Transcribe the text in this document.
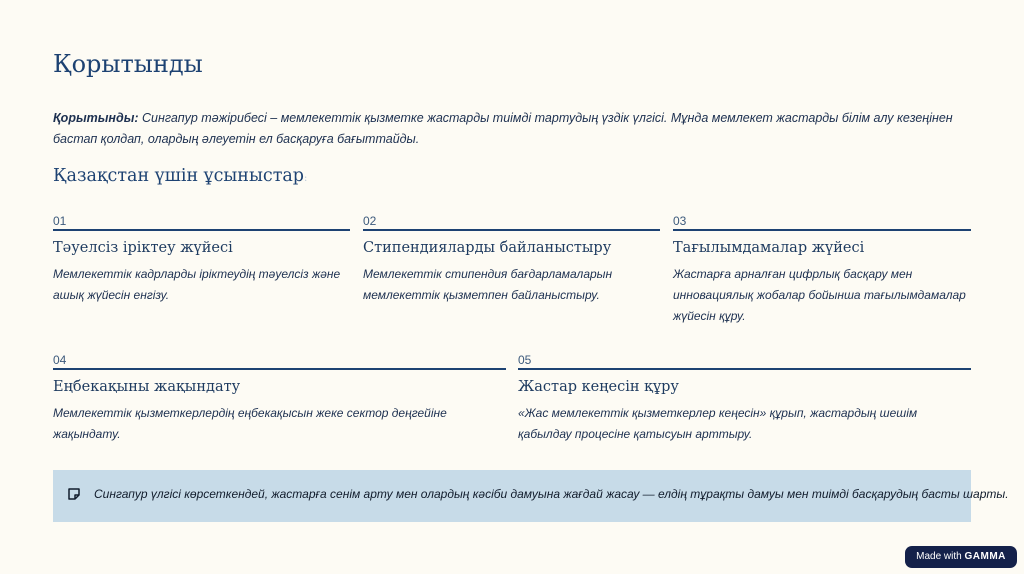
Қорытынды
Қорытынды: Сингапур тәжірибесі – мемлекеттік қызметке жастарды тиімді тартудың үздік үлгісі. Мұнда мемлекет жастарды білім алу кезеңінен бастап қолдап, олардың әлеуетін ел басқаруға бағыттайды.
Қазақстан үшін ұсыныстар:
01
Тәуелсіз іріктеу жүйесі
Мемлекеттік кадрларды іріктеудің тәуелсіз және ашық жүйесін енгізу.
02
Стипендияларды байланыстыру
Мемлекеттік стипендия бағдарламаларын мемлекеттік қызметпен байланыстыру.
03
Тағылымдамалар жүйесі
Жастарға арналған цифрлық басқару мен инновациялық жобалар бойынша тағылымдамалар жүйесін құру.
04
Еңбекақыны жақындату
Мемлекеттік қызметкерлердің еңбекақысын жеке сектор деңгейіне жақындату.
05
Жастар кеңесін құру
«Жас мемлекеттік қызметкерлер кеңесін» құрып, жастардың шешім қабылдау процесіне қатысуын арттыру.
Сингапур үлгісі көрсеткендей, жастарға сенім арту мен олардың кәсіби дамуына жағдай жасау — елдің тұрақты дамуы мен тиімді басқарудың басты шарты.
Made with GAMMA
